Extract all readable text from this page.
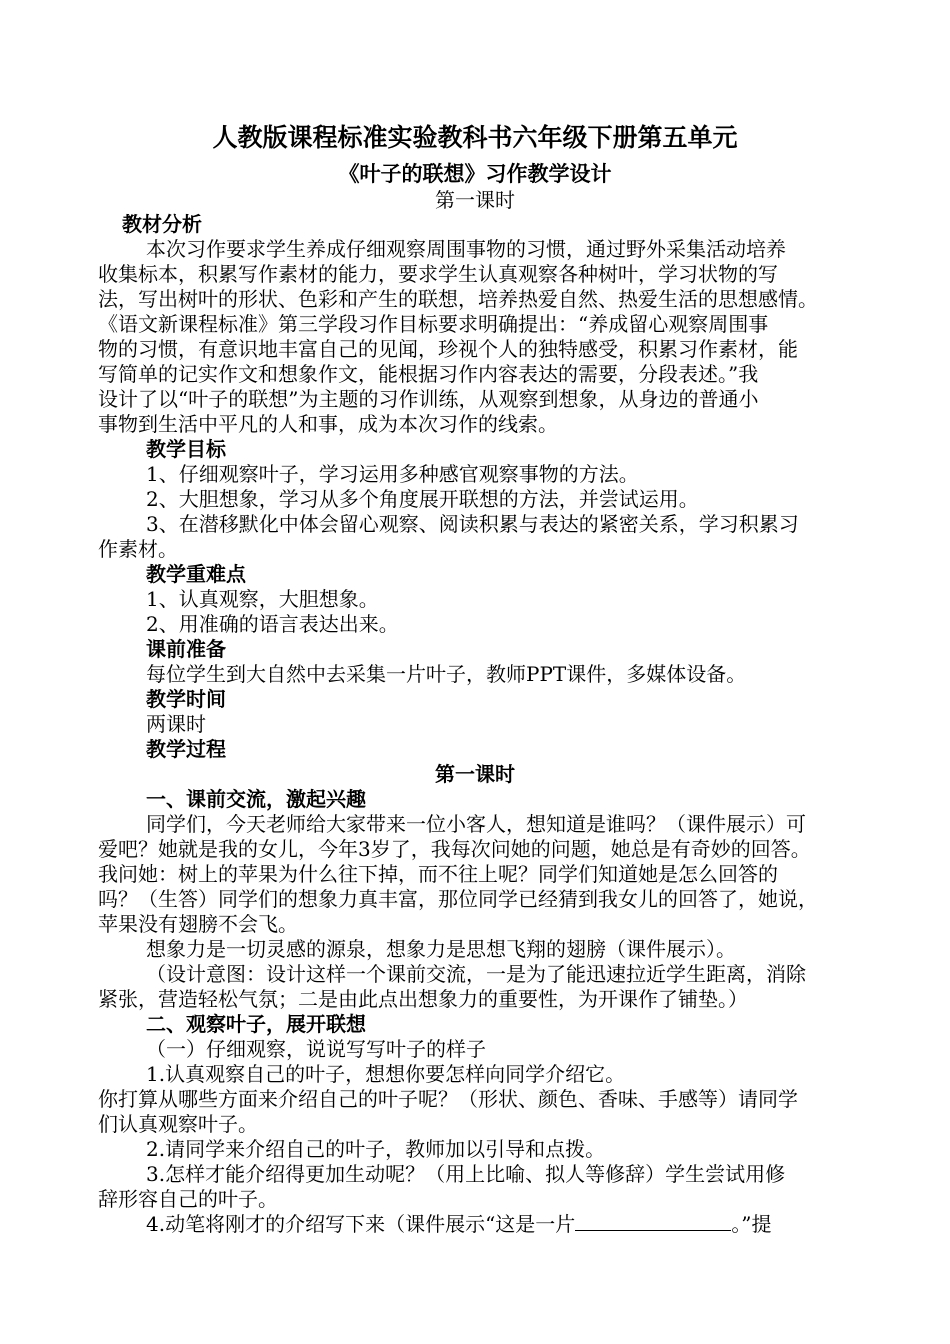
人教版课程标准实验教科书六年级下册第五单元
《叶子的联想》习作教学设计
第一课时
教材分析
本次习作要求学生养成仔细观察周围事物的习惯，通过野外采集活动培养
收集标本，积累写作素材的能力，要求学生认真观察各种树叶，学习状物的写
法，写出树叶的形状、色彩和产生的联想，培养热爱自然、热爱生活的思想感情。
《语文新课程标准》第三学段习作目标要求明确提出：“养成留心观察周围事
物的习惯，有意识地丰富自己的见闻，珍视个人的独特感受，积累习作素材，能
写简单的记实作文和想象作文，能根据习作内容表达的需要，分段表述。”我
设计了以“叶子的联想”为主题的习作训练，从观察到想象，从身边的普通小
事物到生活中平凡的人和事，成为本次习作的线索。
教学目标
1、仔细观察叶子，学习运用多种感官观察事物的方法。
2、大胆想象，学习从多个角度展开联想的方法，并尝试运用。
3、在潜移默化中体会留心观察、阅读积累与表达的紧密关系，学习积累习
作素材。
教学重难点
1、认真观察，大胆想象。
2、用准确的语言表达出来。
课前准备
每位学生到大自然中去采集一片叶子，教师PPT课件，多媒体设备。
教学时间
两课时
教学过程
第一课时
一、课前交流，激起兴趣
同学们，今天老师给大家带来一位小客人，想知道是谁吗？（课件展示）可
爱吧？她就是我的女儿，今年3岁了，我每次问她的问题，她总是有奇妙的回答。
我问她：树上的苹果为什么往下掉，而不往上呢？同学们知道她是怎么回答的
吗？（生答）同学们的想象力真丰富，那位同学已经猜到我女儿的回答了，她说，
苹果没有翅膀不会飞。
想象力是一切灵感的源泉，想象力是思想飞翔的翅膀（课件展示）。
（设计意图：设计这样一个课前交流，一是为了能迅速拉近学生距离，消除
紧张，营造轻松气氛；二是由此点出想象力的重要性，为开课作了铺垫。）
二、观察叶子，展开联想
（一）仔细观察，说说写写叶子的样子
1.认真观察自己的叶子，想想你要怎样向同学介绍它。
你打算从哪些方面来介绍自己的叶子呢？（形状、颜色、香味、手感等）请同学
们认真观察叶子。
2.请同学来介绍自己的叶子，教师加以引导和点拨。
3.怎样才能介绍得更加生动呢？（用上比喻、拟人等修辞）学生尝试用修
辞形容自己的叶子。
4.动笔将刚才的介绍写下来（课件展示“这是一片	。”提
